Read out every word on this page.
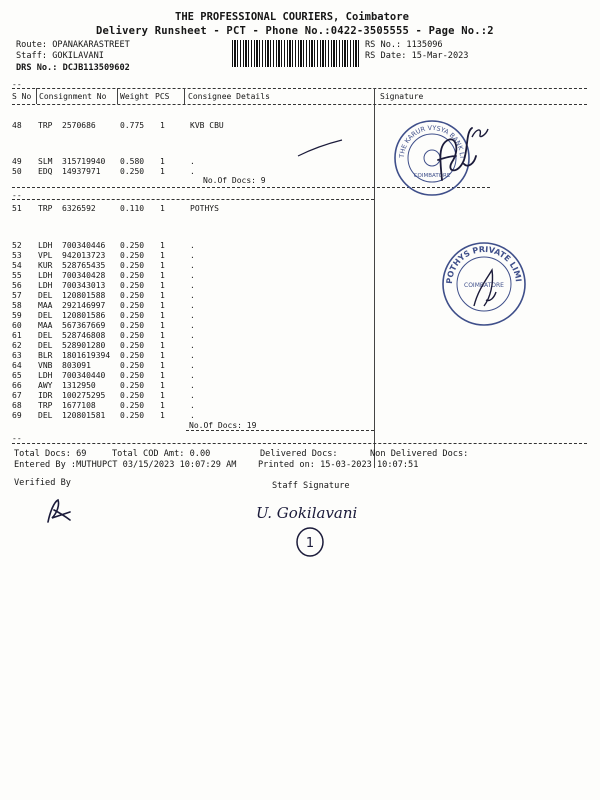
THE PROFESSIONAL COURIERS, Coimbatore
Delivery Runsheet - PCT - Phone No.:0422-3505555 - Page No.:2
Route: OPANAKARASTREET
Staff: GOKILAVANI
DRS No.: DCJB113509602
RS No.: 1135096
RS Date: 15-Mar-2023
--
S No Consignment No Weight PCS Consignee Details	Signature
48 TRP 2570686	0.775 1	KVB CBU
49 SLM 315719940 0.580 1	.
50 EDQ 14937971 0.250 1	.
No.Of Docs: 9
--
51 TRP 6326592	0.110 1	POTHYS
52 LDH 700340446 0.250 1	.
53 VPL 942013723 0.250 1	.
54 KUR 528765435 0.250 1	.
55 LDH 700340428 0.250 1	.
56 LDH 700343013 0.250 1	.
57 DEL 120801588 0.250 1	.
58 MAA 292146997 0.250 1	.
59 DEL 120801586 0.250 1	.
60 MAA 567367669 0.250 1	.
61 DEL 528746808 0.250 1	.
62 DEL 528901280 0.250 1	.
63 BLR 1801619394 0.250 1	.
64 VNB 803091	0.250 1	.
65 LDH 700340440 0.250 1	.
66 AWY 1312950	0.250 1	.
67 IDR 100275295 0.250 1	.
68 TRP 1677108	0.250 1	.
69 DEL 120801581 0.250 1	.
No.Of Docs: 19
--
Total Docs: 69	Total COD Amt: 0.00	Delivered Docs:	Non Delivered Docs:
Entered By :MUTHUPCT 03/15/2023 10:07:29 AM	Printed on: 15-03-2023 10:07:51
Verified By	Staff Signature
THE KARUR VYSYA BANK LTD
COIMBATORE
POTHYS PRIVATE LIMITED
COIMBATORE
U. Gokilavani
1
